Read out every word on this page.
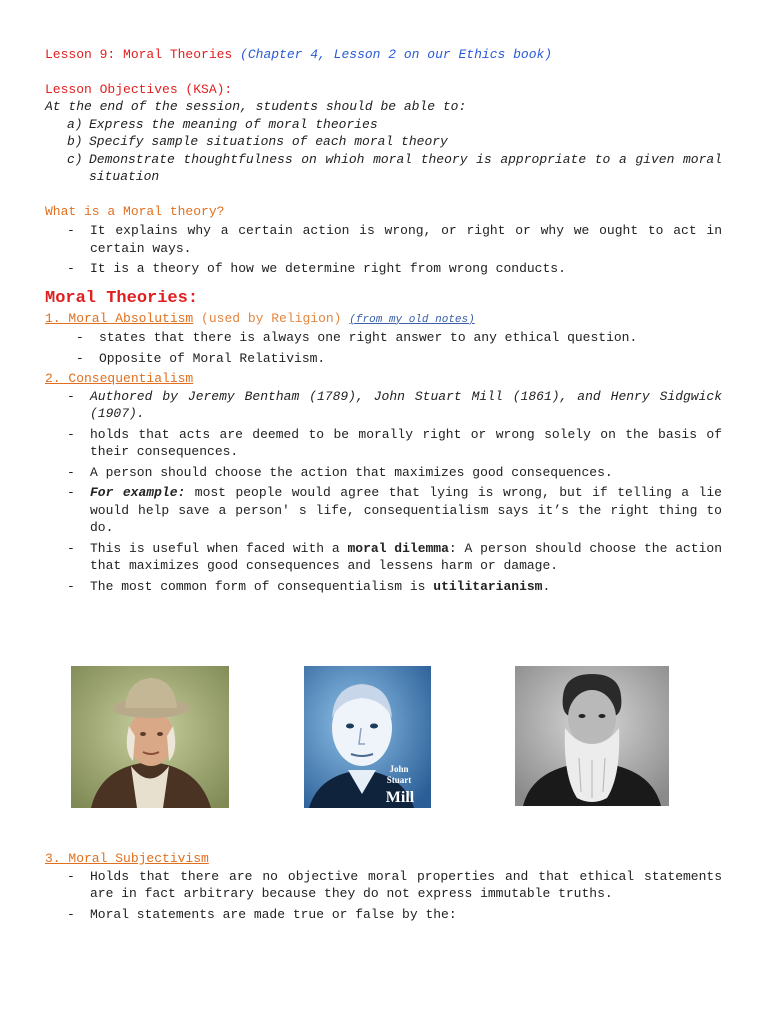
Lesson 9: Moral Theories (Chapter 4, Lesson 2 on our Ethics book)

Lesson Objectives (KSA):

At the end of the session, students should be able to:

a) Express the meaning of moral theories
b) Specify sample situations of each moral theory
c) Demonstrate thoughtfulness on whioh moral theory is appropriate to a given moral situation

What is a Moral theory?

- It explains why a certain action is wrong, or right or why we ought to act in certain ways.
- It is a theory of how we determine right from wrong conducts.

Moral Theories:

1. Moral Absolutism (used by Religion) (from my old notes)

- states that there is always one right answer to any ethical question.
- Opposite of Moral Relativism.

2. Consequentialism

- Authored by Jeremy Bentham (1789), John Stuart Mill (1861), and Henry Sidgwick (1907).
- holds that acts are deemed to be morally right or wrong solely on the basis of their consequences.
- A person should choose the action that maximizes good consequences.
- For example: most people would agree that lying is wrong, but if telling a lie would help save a person' s life, consequentialism says it’s the right thing to do.
- This is useful when faced with a moral dilemma: A person should choose the action that maximizes good consequences and lessens harm or damage.
- The most common form of consequentialism is utilitarianism.
John
Stuart
Mill

3. Moral Subjectivism

- Holds that there are no objective moral properties and that ethical statements are in fact arbitrary because they do not express immutable truths.
- Moral statements are made true or false by the:
